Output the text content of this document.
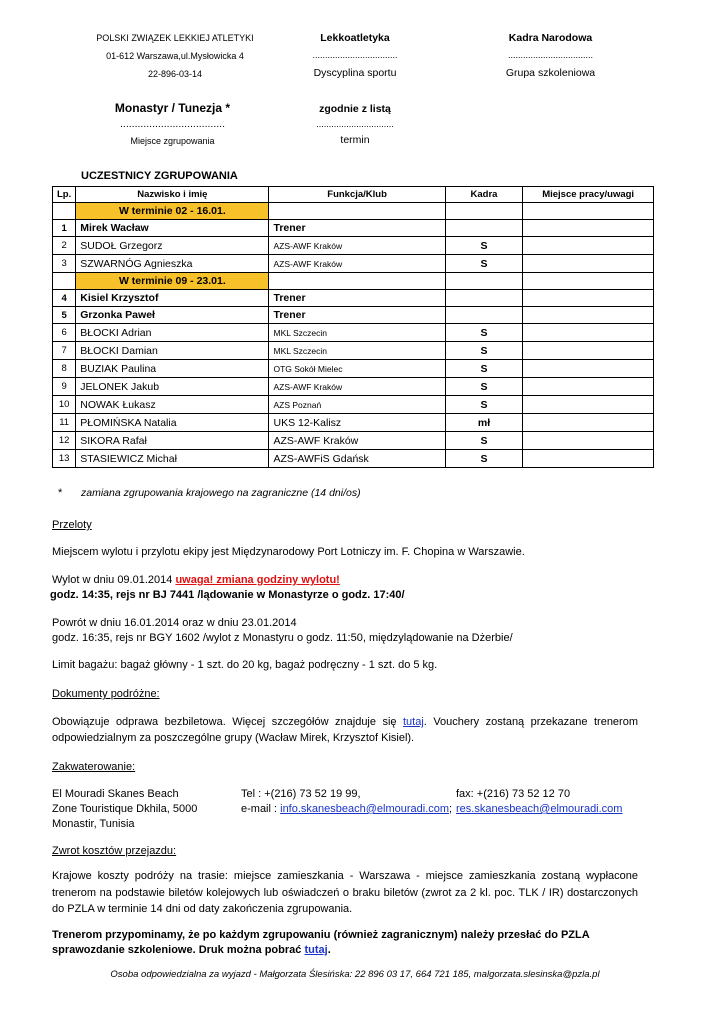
POLSKI ZWIĄZEK LEKKIEJ ATLETYKI
01-612 Warszawa,ul.Mysłowicka 4
22-896-03-14
Lekkoatletyka
..................................
Dyscyplina sportu
Kadra Narodowa
..................................
Grupa szkoleniowa
Monastyr / Tunezja *
....................................
Miejsce zgrupowania
zgodnie z listą
...............................
termin
UCZESTNICY ZGRUPOWANIA
Lp.	Nazwisko i imię	Funkcja/Klub	Kadra	Miejsce pracy/uwagi
	W terminie 02 - 16.01.			
1	Mirek Wacław	Trener		
2	SUDOŁ Grzegorz	AZS-AWF Kraków	S	
3	SZWARNÓG Agnieszka	AZS-AWF Kraków	S	
	W terminie 09 - 23.01.			
4	Kisiel Krzysztof	Trener		
5	Grzonka Paweł	Trener		
6	BŁOCKI Adrian	MKL Szczecin	S	
7	BŁOCKI Damian	MKL Szczecin	S	
8	BUZIAK Paulina	OTG Sokół Mielec	S	
9	JELONEK Jakub	AZS-AWF Kraków	S	
10	NOWAK Łukasz	AZS Poznań	S	
11	PŁOMIŃSKA Natalia	UKS 12-Kalisz	mł	
12	SIKORA Rafał	AZS-AWF Kraków	S	
13	STASIEWICZ Michał	AZS-AWFiS Gdańsk	S	
* zamiana zgrupowania krajowego na zagraniczne (14 dni/os)
Przeloty
Miejscem wylotu i przylotu ekipy jest Międzynarodowy Port Lotniczy im. F. Chopina w Warszawie.
Wylot w dniu 09.01.2014 uwaga! zmiana godziny wylotu!
godz. 14:35, rejs nr BJ 7441 /lądowanie w Monastyrze o godz. 17:40/
Powrót w dniu 16.01.2014 oraz w dniu 23.01.2014
godz. 16:35, rejs nr BGY 1602 /wylot z Monastyru o godz. 11:50, międzylądowanie na Dżerbie/
Limit bagażu: bagaż główny - 1 szt. do 20 kg, bagaż podręczny - 1 szt. do 5 kg.
Dokumenty podróżne:
Obowiązuje odprawa bezbiletowa. Więcej szczegółów znajduje się tutaj. Vouchery zostaną przekazane trenerom odpowiedzialnym za poszczególne grupy (Wacław Mirek, Krzysztof Kisiel).
Zakwaterowanie:
El Mouradi Skanes Beach
Zone Touristique Dkhila, 5000
Monastir, Tunisia
Tel : +(216) 73 52 19 99,
e-mail : info.skanesbeach@elmouradi.com;
fax: +(216) 73 52 12 70
res.skanesbeach@elmouradi.com
Zwrot kosztów przejazdu:
Krajowe koszty podróży na trasie: miejsce zamieszkania - Warszawa - miejsce zamieszkania zostaną wypłacone trenerom na podstawie biletów kolejowych lub oświadczeń o braku biletów (zwrot za 2 kl. poc. TLK / IR) dostarczonych do PZLA w terminie 14 dni od daty zakończenia zgrupowania.
Trenerom przypominamy, że po każdym zgrupowaniu (również zagranicznym) należy przesłać do PZLA sprawozdanie szkoleniowe. Druk można pobrać tutaj.
Osoba odpowiedzialna za wyjazd - Małgorzata Ślesińska: 22 896 03 17, 664 721 185, malgorzata.slesinska@pzla.pl
